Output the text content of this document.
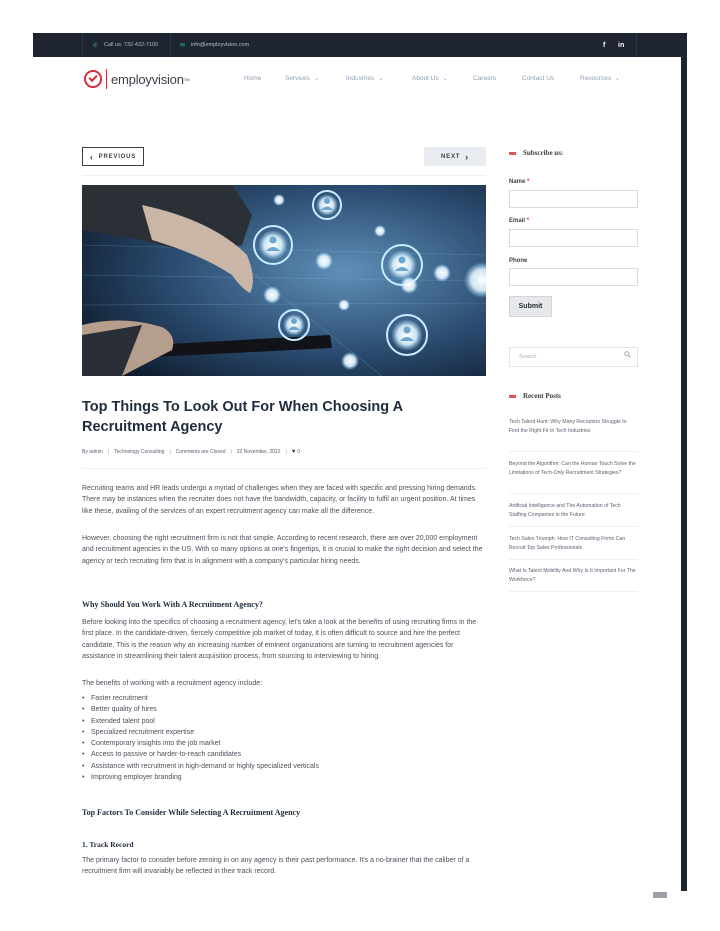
✆ Call us: 732-422-7100	✉ info@employvision.com	f in
employvision TM	Home	Services ⌄	Industries ⌄	About Us ⌄	Careers	Contact Us	Resources ⌄
‹
PREVIOUS	NEXT
›
Top Things To Look Out For When Choosing A Recruitment Agency
By admin | Technology Consulting | Comments are Closed | 22 November, 2022 | ♥ 0

Recruiting teams and HR leads undergo a myriad of challenges when they are faced with specific and pressing hiring demands. There may be instances when the recruiter does not have the bandwidth, capacity, or facility to fulfil an urgent position. At times like these, availing of the services of an expert recruitment agency can make all the difference.

However, choosing the right recruitment firm is not that simple. According to recent research, there are over 20,000 employment and recruitment agencies in the US. With so many options at one's fingertips, it is crucial to make the right decision and select the agency or tech recruiting firm that is in alignment with a company's particular hiring needs.

Why Should You Work With A Recruitment Agency?

Before looking into the specifics of choosing a recruitment agency, let's take a look at the benefits of using recruiting firms in the first place. In the candidate-driven, fiercely competitive job market of today, it is often difficult to source and hire the perfect candidate. This is the reason why an increasing number of eminent organizations are turning to recruitment agencies for assistance in streamlining their talent acquisition process, from sourcing to interviewing to hiring.

The benefits of working with a recruitment agency include:

• Faster recruitment
• Better quality of hires
• Extended talent pool
• Specialized recruitment expertise
• Contemporary insights into the job market
• Access to passive or harder-to-reach candidates
• Assistance with recruitment in high-demand or highly specialized verticals
• Improving employer branding
Top Factors To Consider While Selecting A Recruitment Agency
1. Track Record

The primary factor to consider before zeroing in on any agency is their past performance. It's a no-brainer that the caliber of a recruitment firm will invariably be reflected in their track record.

Subscribe us:
Name *
Email *
Phone
Submit
Search
Recent Posts
Tech Talent Hunt: Why Many Recruiters Struggle to Find the Right Fit In Tech Industries
Beyond the Algorithm: Can the Human Touch Solve the Limitations of Tech-Only Recruitment Strategies?
Artificial Intelligence and The Automation of Tech Staffing Companies in the Future
Tech Sales Triumph: How IT Consulting Firms Can Recruit Top Sales Professionals
What Is Talent Mobility And Why Is It Important For The Workforce?
